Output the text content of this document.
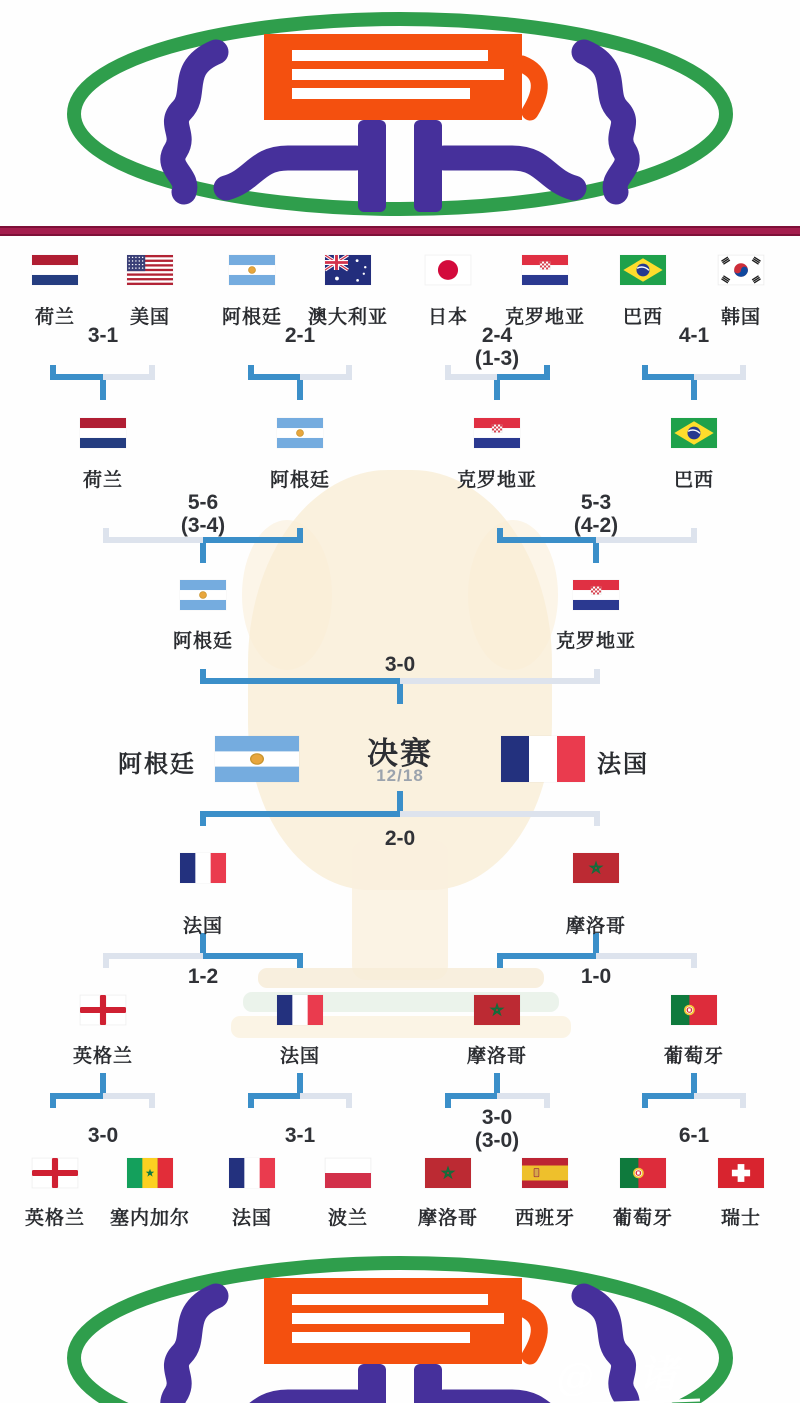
荷兰	美国	阿根廷 澳大利亚 日本 克罗地亚 巴西	韩国
3-1	2-1	2-4
(1-3)
4-1
荷兰	阿根廷	克罗地亚	巴西
5-6
(3-4)
5-3
(4-2)
阿根廷	克罗地亚
3-0
法国	摩洛哥
2-0
英格兰	法国	摩洛哥	葡萄牙
1-2	1-0
英格兰 塞内加尔 法国	波兰	摩洛哥 西班牙 葡萄牙	瑞士
3-0	3-1
3-0
(3-0)	6-1
阿根廷	决赛
12/18	法国
@ 诸
